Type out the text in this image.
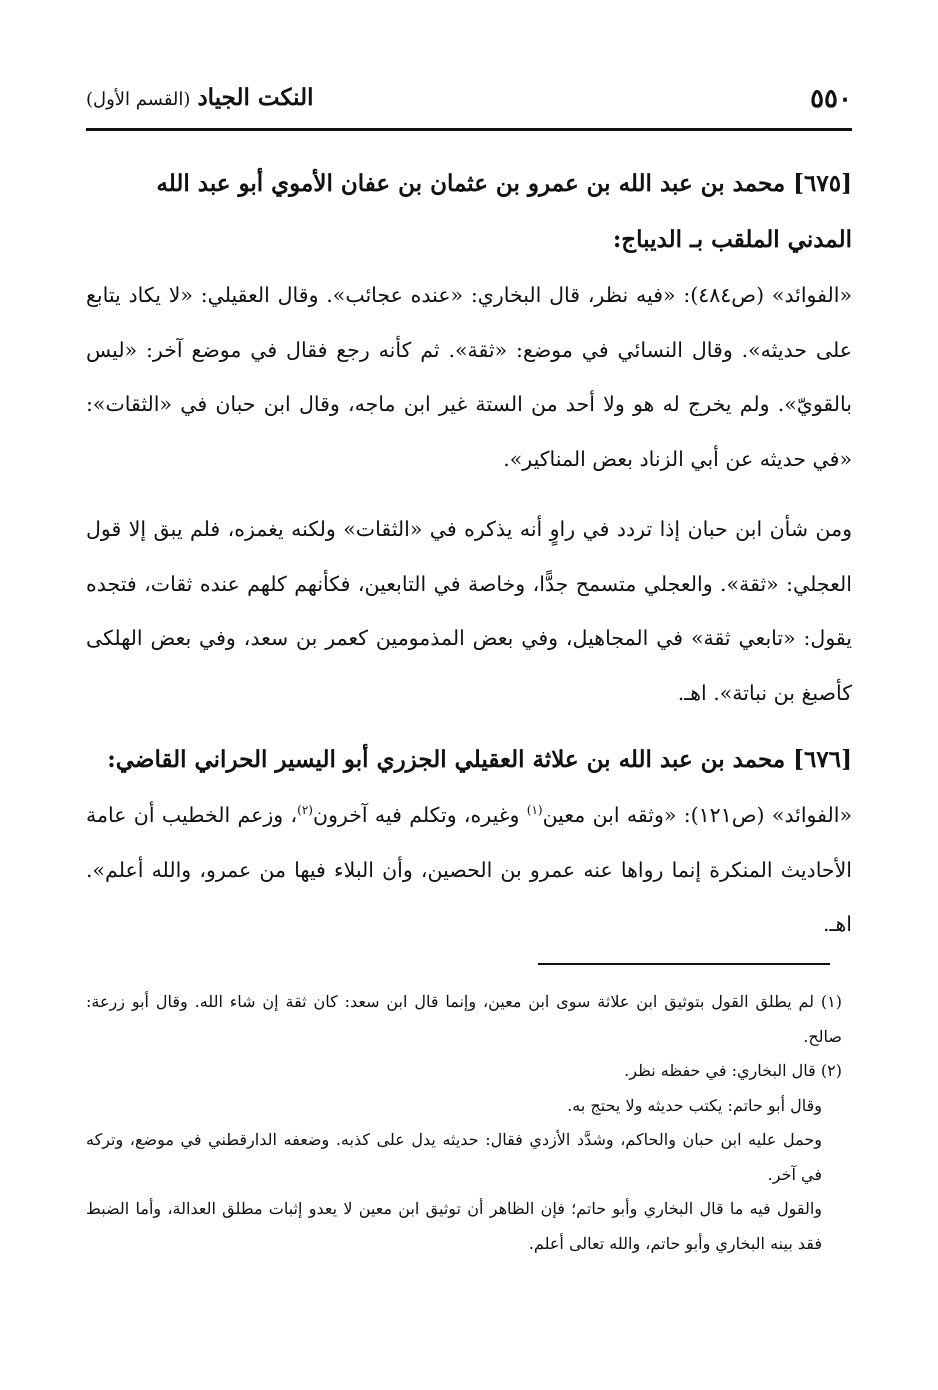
٥٥٠
النكت الجياد (القسم الأول)

[٦٧٥] محمد بن عبد الله بن عمرو بن عثمان بن عفان الأموي أبو عبد الله المدني الملقب بـ الديباج:

«الفوائد» (ص٤٨٤): «فيه نظر، قال البخاري: «عنده عجائب». وقال العقيلي: «لا يكاد يتابع على حديثه». وقال النسائي في موضع: «ثقة». ثم كأنه رجع فقال في موضع آخر: «ليس بالقويّ». ولم يخرج له هو ولا أحد من الستة غير ابن ماجه، وقال ابن حبان في «الثقات»: «في حديثه عن أبي الزناد بعض المناكير».

ومن شأن ابن حبان إذا تردد في راوٍ أنه يذكره في «الثقات» ولكنه يغمزه، فلم يبق إلا قول العجلي: «ثقة». والعجلي متسمح جدًّا، وخاصة في التابعين، فكأنهم كلهم عنده ثقات، فتجده يقول: «تابعي ثقة» في المجاهيل، وفي بعض المذمومين كعمر بن سعد، وفي بعض الهلكى كأصبغ بن نباتة». اهـ.

[٦٧٦] محمد بن عبد الله بن علاثة العقيلي الجزري أبو اليسير الحراني القاضي:

«الفوائد» (ص١٢١): «وثقه ابن معين$^{(١)}$ وغيره، وتكلم فيه آخرون$^{(٢)}$، وزعم الخطيب أن عامة الأحاديث المنكرة إنما رواها عنه عمرو بن الحصين، وأن البلاء فيها من عمرو، والله أعلم». اهـ.

(١) لم يطلق القول بتوثيق ابن علاثة سوى ابن معين، وإنما قال ابن سعد: كان ثقة إن شاء الله. وقال أبو زرعة: صالح.

(٢) قال البخاري: في حفظه نظر.

وقال أبو حاتم: يكتب حديثه ولا يحتج به.

وحمل عليه ابن حبان والحاكم، وشدَّد الأزدي فقال: حديثه يدل على كذبه. وضعفه الدارقطني في موضع، وتركه في آخر.

والقول فيه ما قال البخاري وأبو حاتم؛ فإن الظاهر أن توثيق ابن معين لا يعدو إثبات مطلق العدالة، وأما الضبط فقد بينه البخاري وأبو حاتم، والله تعالى أعلم.
